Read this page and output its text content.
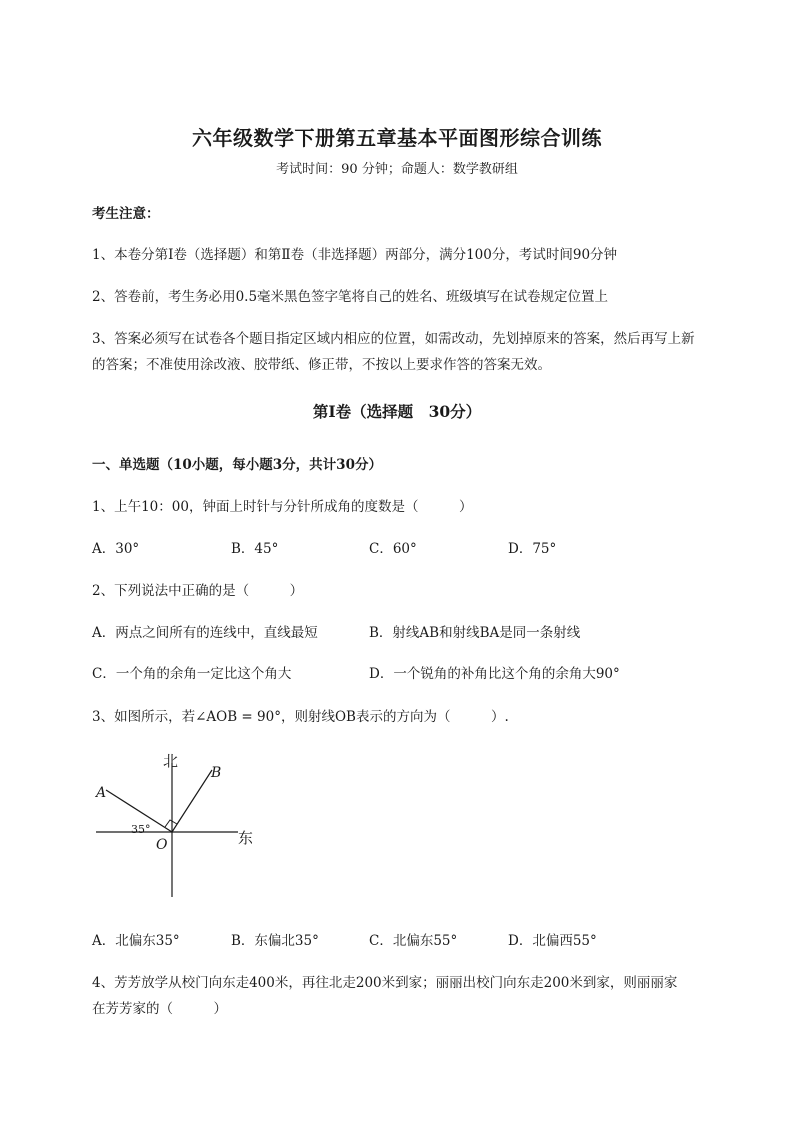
六年级数学下册第五章基本平面图形综合训练
考试时间：90 分钟；命题人：数学教研组
考生注意：
1、本卷分第Ⅰ卷（选择题）和第Ⅱ卷（非选择题）两部分，满分100分，考试时间90分钟
2、答卷前，考生务必用0.5毫米黑色签字笔将自己的姓名、班级填写在试卷规定位置上
3、答案必须写在试卷各个题目指定区域内相应的位置，如需改动，先划掉原来的答案，然后再写上新
的答案；不准使用涂改液、胶带纸、修正带，不按以上要求作答的答案无效。
第Ⅰ卷（选择题　30分）
一、单选题（10小题，每小题3分，共计30分）
1、上午10：00，钟面上时针与分针所成角的度数是（　　　）
A．30°	B．45°	C．60°	D．75°
2、下列说法中正确的是（　　　）
A．两点之间所有的连线中，直线最短	B．射线AB和射线BA是同一条射线
C．一个角的余角一定比这个角大	D．一个锐角的补角比这个角的余角大90°
3、如图所示，若∠AOB = 90°，则射线OB表示的方向为（　　　）.
北
东
A
B
O
35°
A．北偏东35°	B．东偏北35°	C．北偏东55°	D．北偏西55°
4、芳芳放学从校门向东走400米，再往北走200米到家；丽丽出校门向东走200米到家，则丽丽家
在芳芳家的（　　　）
